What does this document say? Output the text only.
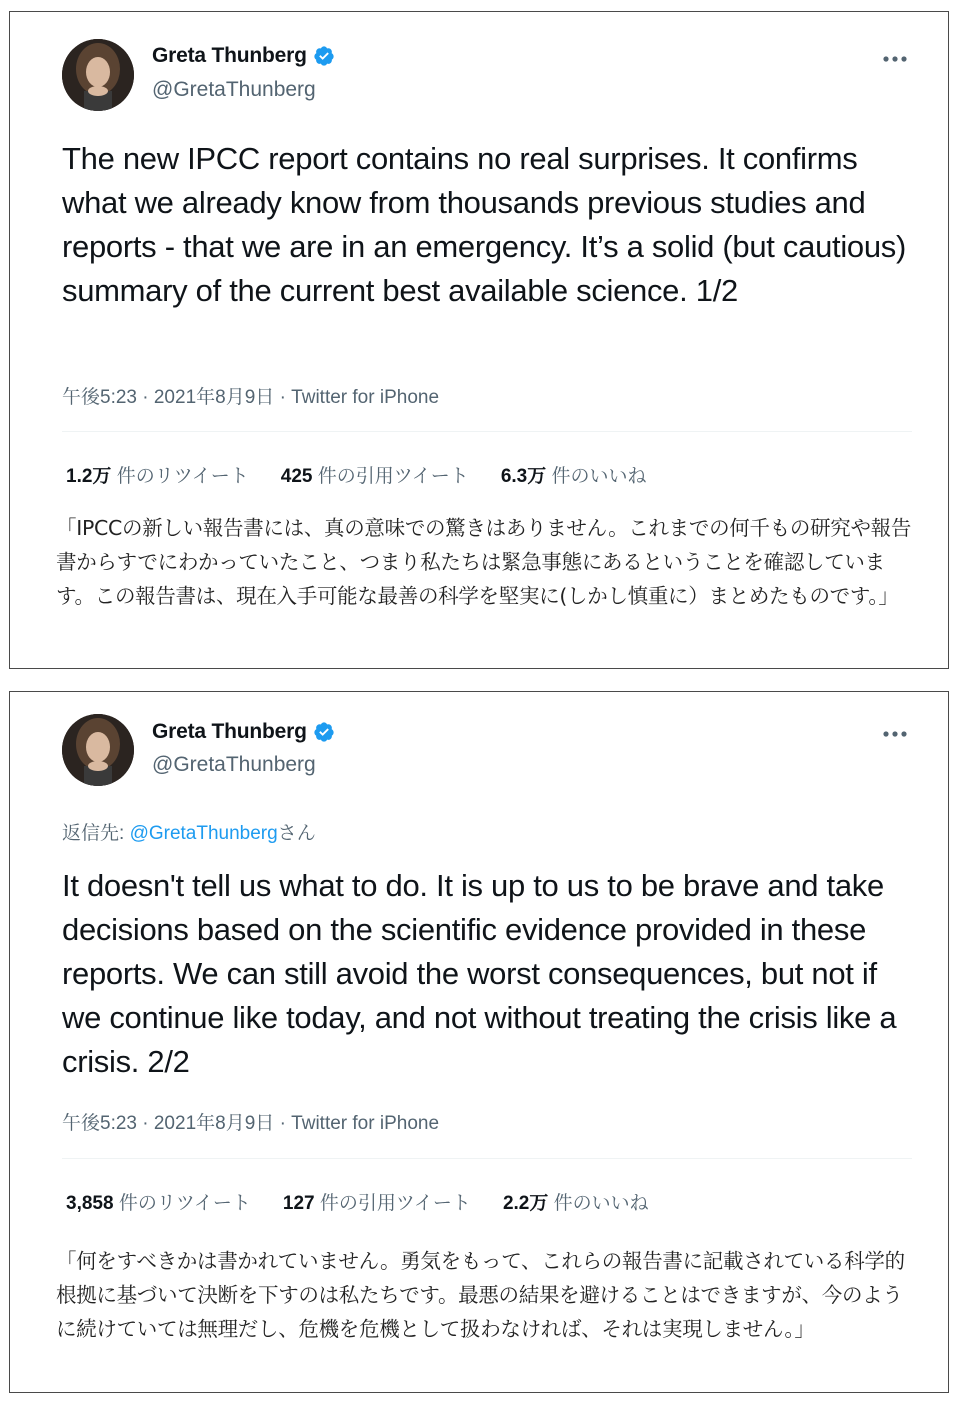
Greta Thunberg
@GretaThunberg
The new IPCC report contains no real surprises. It confirms what we already know from thousands previous studies and reports - that we are in an emergency. It’s a solid (but cautious) summary of the current best available science. 1/2
午後5:23 · 2021年8月9日 · Twitter for iPhone
1.2万 件のリツイート 425 件の引用ツイート 6.3万 件のいいね
「IPCCの新しい報告書には、真の意味での驚きはありません。これまでの何千もの研究や報告書からすでにわかっていたこと、つまり私たちは緊急事態にあるということを確認しています。この報告書は、現在入手可能な最善の科学を堅実に(しかし慎重に）まとめたものです。」
Greta Thunberg
@GretaThunberg
返信先: @GretaThunbergさん
It doesn't tell us what to do. It is up to us to be brave and take decisions based on the scientific evidence provided in these reports. We can still avoid the worst consequences, but not if we continue like today, and not without treating the crisis like a crisis. 2/2
午後5:23 · 2021年8月9日 · Twitter for iPhone
3,858 件のリツイート 127 件の引用ツイート 2.2万 件のいいね
「何をすべきかは書かれていません。勇気をもって、これらの報告書に記載されている科学的根拠に基づいて決断を下すのは私たちです。最悪の結果を避けることはできますが、今のように続けていては無理だし、危機を危機として扱わなければ、それは実現しません。」
